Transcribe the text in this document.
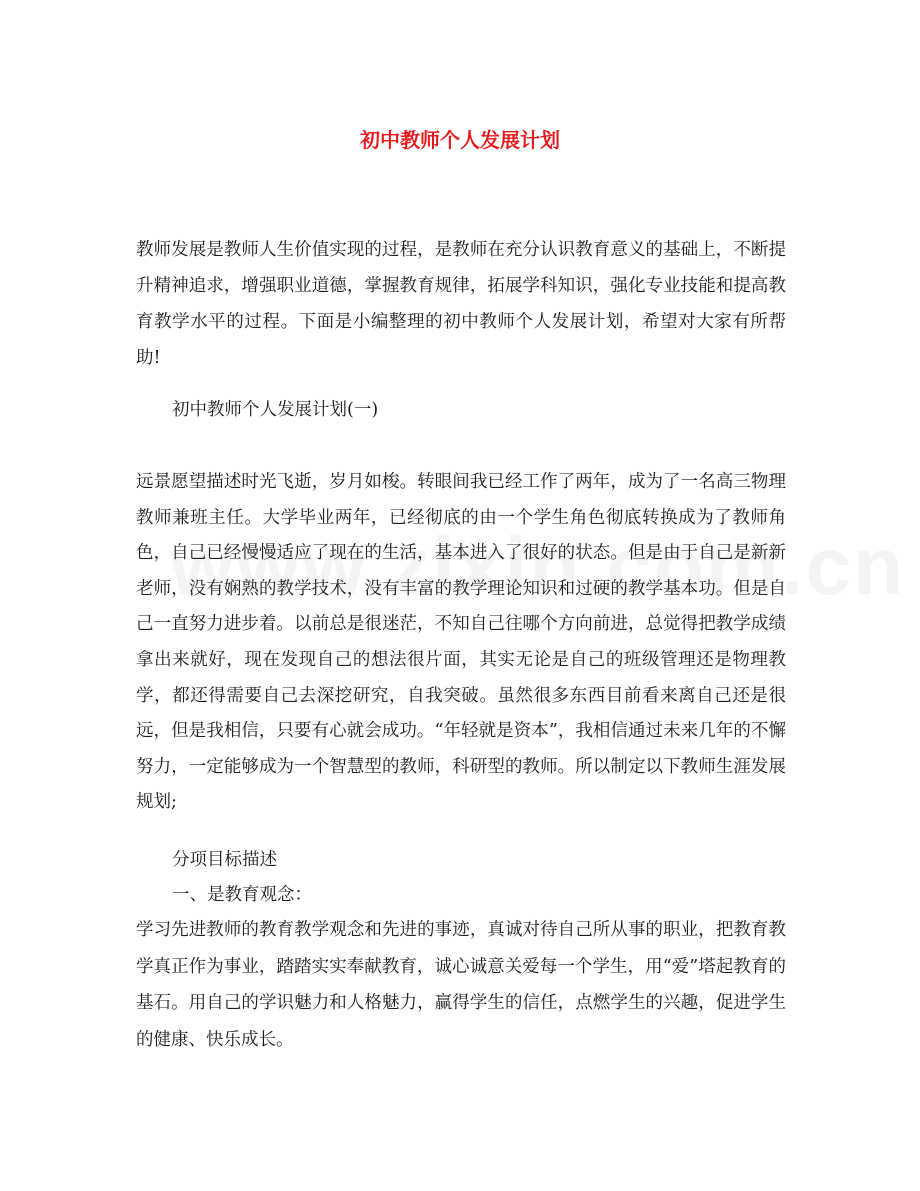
初中教师个人发展计划
教师发展是教师人生价值实现的过程，是教师在充分认识教育意义的基础上，不断提升精神追求，增强职业道德，掌握教育规律，拓展学科知识，强化专业技能和提高教育教学水平的过程。下面是小编整理的初中教师个人发展计划，希望对大家有所帮助!
初中教师个人发展计划(一)
远景愿望描述时光飞逝，岁月如梭。转眼间我已经工作了两年，成为了一名高三物理教师兼班主任。大学毕业两年，已经彻底的由一个学生角色彻底转换成为了教师角色，自己已经慢慢适应了现在的生活，基本进入了很好的状态。但是由于自己是新新老师，没有娴熟的教学技术，没有丰富的教学理论知识和过硬的教学基本功。但是自己一直努力进步着。以前总是很迷茫，不知自己往哪个方向前进，总觉得把教学成绩拿出来就好，现在发现自己的想法很片面，其实无论是自己的班级管理还是物理教学，都还得需要自己去深挖研究，自我突破。虽然很多东西目前看来离自己还是很远，但是我相信，只要有心就会成功。“年轻就是资本”，我相信通过未来几年的不懈努力，一定能够成为一个智慧型的教师，科研型的教师。所以制定以下教师生涯发展规划;
分项目标描述
一、是教育观念：
学习先进教师的教育教学观念和先进的事迹，真诚对待自己所从事的职业，把教育教学真正作为事业，踏踏实实奉献教育，诚心诚意关爱每一个学生，用“爱”塔起教育的基石。用自己的学识魅力和人格魅力，赢得学生的信任，点燃学生的兴趣，促进学生的健康、快乐成长。
